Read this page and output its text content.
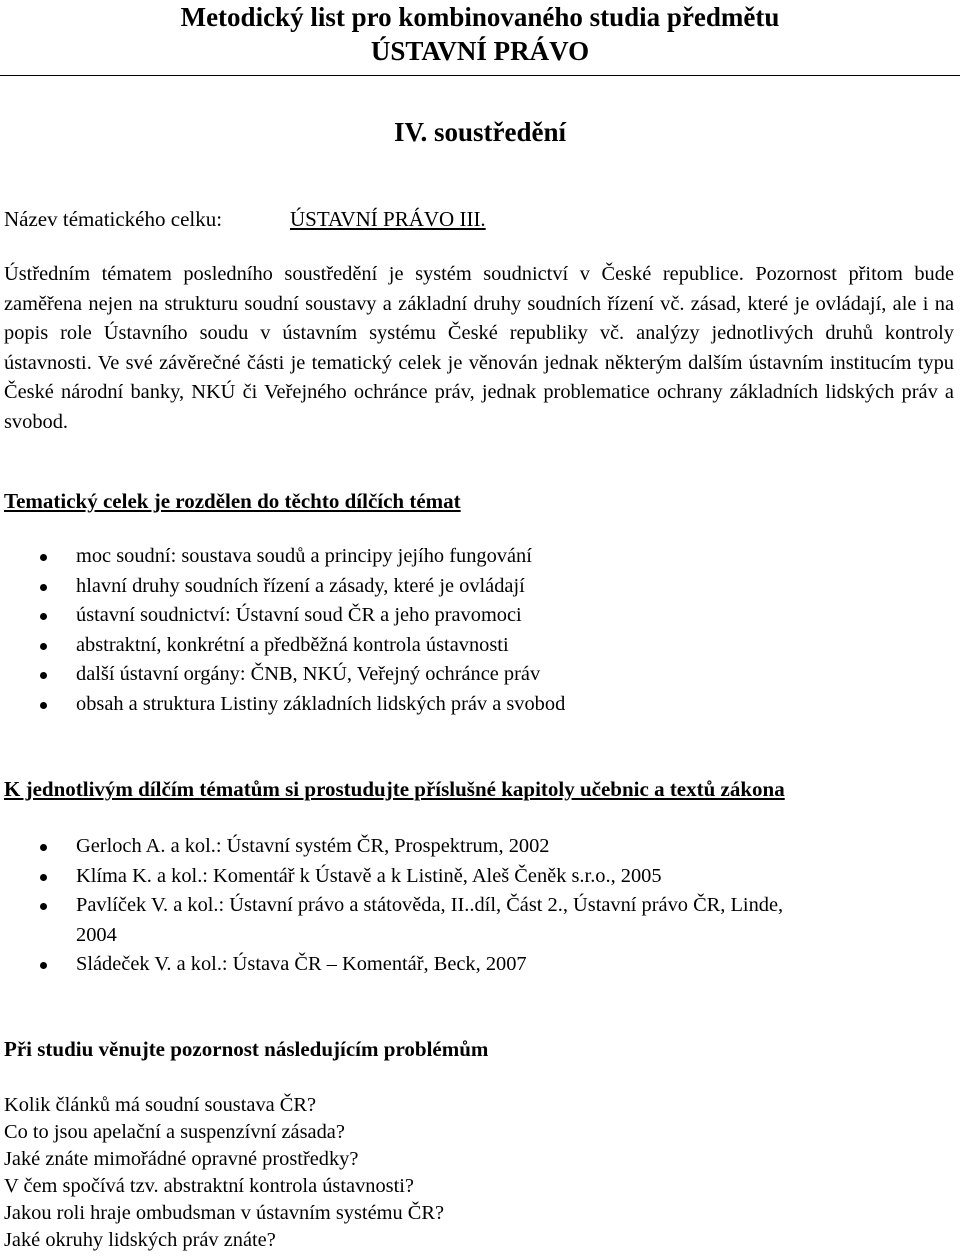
Metodický list pro kombinovaného studia předmětu

ÚSTAVNÍ PRÁVO

IV. soustředění
Název tématického celku:	ÚSTAVNÍ PRÁVO III.

Ústředním tématem posledního soustředění je systém soudnictví v České republice. Pozornost přitom bude zaměřena nejen na strukturu soudní soustavy a základní druhy soudních řízení vč. zásad, které je ovládají, ale i na popis role Ústavního soudu v ústavním systému České republiky vč. analýzy jednotlivých druhů kontroly ústavnosti. Ve své závěrečné části je tematický celek je věnován jednak některým dalším ústavním institucím typu České národní banky, NKÚ či Veřejného ochránce práv, jednak problematice ochrany základních lidských práv a svobod.

Tematický celek je rozdělen do těchto dílčích témat

moc soudní: soustava soudů a principy jejího fungování
hlavní druhy soudních řízení a zásady, které je ovládají
ústavní soudnictví: Ústavní soud ČR a jeho pravomoci
abstraktní, konkrétní a předběžná kontrola ústavnosti
další ústavní orgány: ČNB, NKÚ, Veřejný ochránce práv
obsah a struktura Listiny základních lidských práv a svobod

K jednotlivým dílčím tématům si prostudujte příslušné kapitoly učebnic a textů zákona

Gerloch A. a kol.: Ústavní systém ČR, Prospektrum, 2002
Klíma K. a kol.: Komentář k Ústavě a k Listině, Aleš Čeněk s.r.o., 2005
Pavlíček V. a kol.: Ústavní právo a státověda, II..díl, Část 2., Ústavní právo ČR, Linde, 2004
Sládeček V. a kol.: Ústava ČR – Komentář, Beck, 2007

Při studiu věnujte pozornost následujícím problémům

Kolik článků má soudní soustava ČR?
Co to jsou apelační a suspenzívní zásada?
Jaké znáte mimořádné opravné prostředky?
V čem spočívá tzv. abstraktní kontrola ústavnosti?
Jakou roli hraje ombudsman v ústavním systému ČR?
Jaké okruhy lidských práv znáte?
